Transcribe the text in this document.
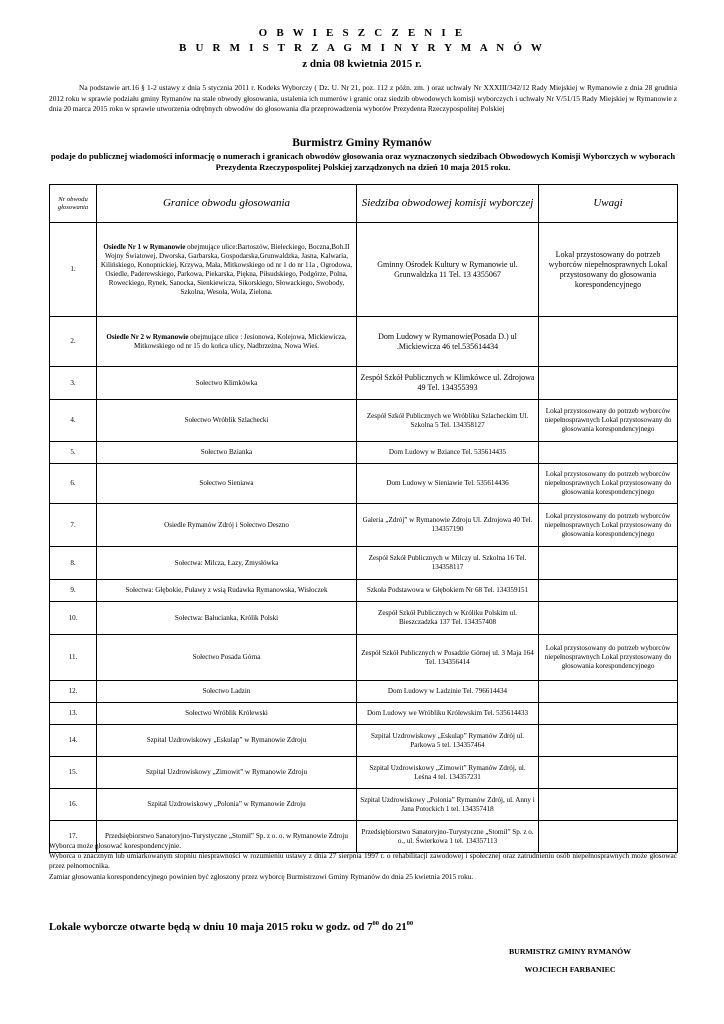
O B W I E S Z C Z E N I E
B U R M I S T R Z A G M I N Y R Y M A N Ó W
z dnia 08 kwietnia 2015 r.
Na podstawie art.16 § 1-2 ustawy z dnia 5 stycznia 2011 r. Kodeks Wyborczy ( Dz. U. Nr 21, poz. 112 z późn. zm. ) oraz uchwały Nr XXXIII/342/12 Rady Miejskiej w Rymanowie z dnia 28 grudnia 2012 roku w sprawie podziału gminy Rymanów na stałe obwody głosowania, ustalenia ich numerów i granic oraz siedzib obwodowych komisji wyborczych i uchwały Nr V/51/15 Rady Miejskiej w Rymanowie z dnia 20 marca 2015 roku w sprawie utworzenia odrębnych obwodów do głosowania dla przeprowadzenia wyborów Prezydenta Rzeczypospolitej Polskiej
Burmistrz Gminy Rymanów
podaje do publicznej wiadomości informację o numerach i granicach obwodów głosowania oraz wyznaczonych siedzibach Obwodowych Komisji Wyborczych w wyborach Prezydenta Rzeczypospolitej Polskiej zarządzonych na dzień 10 maja 2015 roku.
Nr obwodu głosowania	Granice obwodu głosowania	Siedziba obwodowej komisji wyborczej	Uwagi
1.	Osiedle Nr 1 w Rymanowie obejmujące ulice:Bartoszów, Bieleckiego, Boczna,Boh.II Wojny Światowej, Dworska, Garbarska, Gospodarska,Grunwaldzka, Jasna, Kalwaria, Kilińskiego, Konopnickiej, Krzywa, Mała, Mitkowskiego od nr 1 do nr 11a , Ogrodowa, Osiedle, Paderewskiego, Parkowa, Piekarska, Piękna, Piłsudskiego, Podgórze, Polna, Roweckiego, Rynek, Sanocka, Sienkiewicza, Sikorskiego, Słowackiego, Swobody, Szkolna, Wesoła, Wola, Zielona.	Gminny Ośrodek Kultury w Rymanowie ul. Grunwaldzka 11 Tel. 13 4355067	Lokal przystosowany do potrzeb wyborców niepełnosprawnych Lokal przystosowany do głosowania korespondencyjnego
2.	Osiedle Nr 2 w Rymanowie obejmujące ulice : Jesionowa, Kolejowa, Mickiewicza, Mitkowskiego od nr 15 do końca ulicy, Nadbrzeżna, Nowa Wieś.	Dom Ludowy w Rymanowie(Posada D.) ul .Mickiewicza 46 tel.535614434	
3.	Sołectwo Klimkówka	Zespół Szkół Publicznych w Klimkówce ul. Zdrojowa 49 Tel. 134355393	
4.	Sołectwo Wróblik Szlachecki	Zespół Szkół Publicznych we Wróbliku Szlacheckim Ul. Szkolna 5 Tel. 134358127	Lokal przystosowany do potrzeb wyborców niepełnosprawnych Lokal przystosowany do głosowania korespondencyjnego
5.	Sołectwo Bzianka	Dom Ludowy w Bziance Tel. 535614435	
6.	Sołectwo Sieniawa	Dom Ludowy w Sieniawie Tel. 535614436	Lokal przystosowany do potrzeb wyborców niepełnosprawnych Lokal przystosowany do głosowania korespondencyjnego
7.	Osiedle Rymanów Zdrój i Sołectwo Deszno	Galeria „Zdrój” w Rymanowie Zdroju Ul. Zdrojowa 40 Tel. 134357190	Lokal przystosowany do potrzeb wyborców niepełnosprawnych Lokal przystosowany do głosowania korespondencyjnego
8.	Sołectwa: Milcza, Łazy, Zmysłówka	Zespół Szkół Publicznych w Milczy ul. Szkolna 16 Tel. 134358117	
9.	Sołectwa: Głębokie, Puławy z wsią Rudawka Rymanowska, Wisłoczek	Szkoła Podstawowa w Głębokiem Nr 68 Tel. 134359151	
10.	Sołectwa: Bałucianka, Królik Polski	Zespół Szkół Publicznych w Króliku Polskim ul. Bieszczadzka 137 Tel. 134357408	
11.	Sołectwo Posada Górna	Zespół Szkół Publicznych w Posadzie Górnej ul. 3 Maja 164 Tel. 134356414	Lokal przystosowany do potrzeb wyborców niepełnosprawnych Lokal przystosowany do głosowania korespondencyjnego
12.	Sołectwo Ladzin	Dom Ludowy w Ladzinie Tel. 796614434	
13.	Sołectwo Wróblik Królewski	Dom Ludowy we Wróbliku Królewskim Tel. 535614433	
14.	Szpital Uzdrowiskowy „Eskulap” w Rymanowie Zdroju	Szpital Uzdrowiskowy „Eskulap” Rymanów Zdrój ul. Parkowa 5 tel. 134357464	
15.	Szpital Uzdrowiskowy „Zimowit” w Rymanowie Zdroju	Szpital Uzdrowiskowy „Zimowit” Rymanów Zdrój, ul. Leśna 4 tel. 134357231	
16.	Szpital Uzdrowiskowy „Polonia” w Rymanowie Zdroju	Szpital Uzdrowiskowy „Polonia” Rymanów Zdrój, ul. Anny i Jana Potockich 1 tel. 134357418	
17.	Przedsiębiorstwo Sanatoryjno-Turystyczne „Stomil” Sp. z o. o. w Rymanowie Zdroju	Przedsiębiorstwo Sanatoryjno-Turystyczne „Stomil” Sp. z o. o., ul. Świerkowa 1 tel. 134357113	

Wyborca może głosować korespondencyjnie.

Wyborca o znacznym lub umiarkowanym stopniu niesprawności w rozumieniu ustawy z dnia 27 sierpnia 1997 r. o rehabilitacji zawodowej i społecznej oraz zatrudnieniu osób niepełnosprawnych może głosować przez pełnomocnika.

Zamiar głosowania korespondencyjnego powinien być zgłoszony przez wyborcę Burmistrzowi Gminy Rymanów do dnia 25 kwietnia 2015 roku.

Lokale wyborcze otwarte będą w dniu 10 maja 2015 roku w godz. od $7^{00}$ do $21^{00}$
BURMISTRZ GMINY RYMANÓW
WOJCIECH FARBANIEC
